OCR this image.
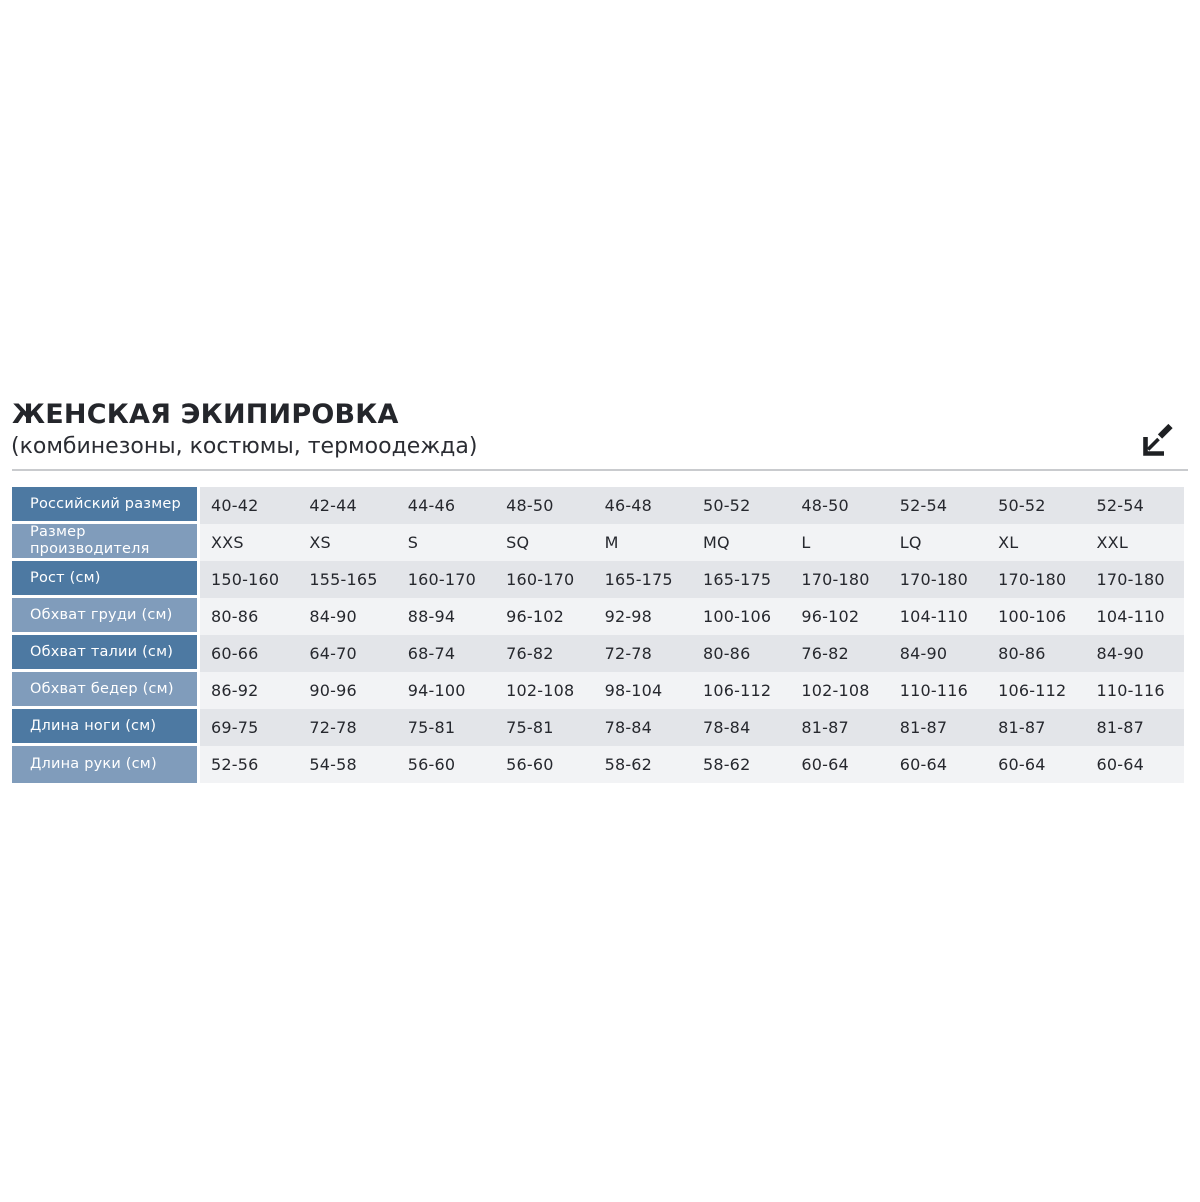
ЖЕНСКАЯ ЭКИПИРОВКА
(комбинезоны, костюмы, термоодежда)
Российский размер	40-42	42-44	44-46	48-50	46-48	50-52	48-50	52-54	50-52	52-54
Размер производителя	XXS	XS	S	SQ	M	MQ	L	LQ	XL	XXL
Рост (см)	150-160	155-165	160-170	160-170	165-175	165-175	170-180	170-180	170-180	170-180
Обхват груди (см)	80-86	84-90	88-94	96-102	92-98	100-106	96-102	104-110	100-106	104-110
Обхват талии (см)	60-66	64-70	68-74	76-82	72-78	80-86	76-82	84-90	80-86	84-90
Обхват бедер (см)	86-92	90-96	94-100	102-108	98-104	106-112	102-108	110-116	106-112	110-116
Длина ноги (см)	69-75	72-78	75-81	75-81	78-84	78-84	81-87	81-87	81-87	81-87
Длина руки (см)	52-56	54-58	56-60	56-60	58-62	58-62	60-64	60-64	60-64	60-64
